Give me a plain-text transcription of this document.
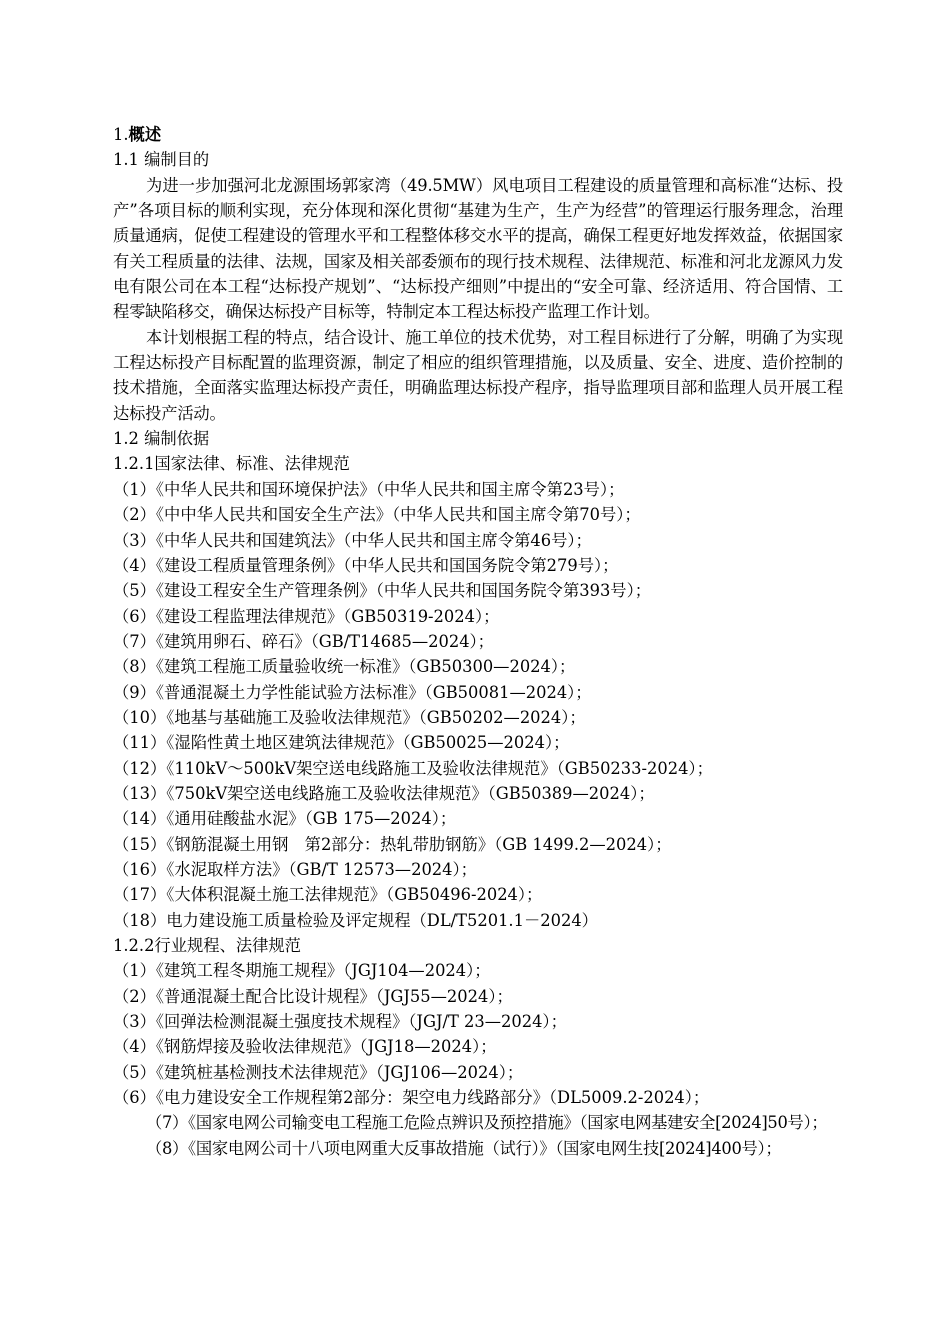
1.概述

1.1 编制目的

为进一步加强河北龙源围场郭家湾（49.5MW）风电项目工程建设的质量管理和高标准“达标、投产”各项目标的顺利实现，充分体现和深化贯彻“基建为生产，生产为经营”的管理运行服务理念，治理质量通病，促使工程建设的管理水平和工程整体移交水平的提高，确保工程更好地发挥效益，依据国家有关工程质量的法律、法规，国家及相关部委颁布的现行技术规程、法律规范、标准和河北龙源风力发电有限公司在本工程“达标投产规划”、“达标投产细则”中提出的“安全可靠、经济适用、符合国情、工程零缺陷移交，确保达标投产目标等，特制定本工程达标投产监理工作计划。

本计划根据工程的特点，结合设计、施工单位的技术优势，对工程目标进行了分解，明确了为实现工程达标投产目标配置的监理资源，制定了相应的组织管理措施，以及质量、安全、进度、造价控制的技术措施，全面落实监理达标投产责任，明确监理达标投产程序，指导监理项目部和监理人员开展工程达标投产活动。

1.2 编制依据

1.2.1国家法律、标准、法律规范

（1）《中华人民共和国环境保护法》（中华人民共和国主席令第23号）；

（2）《中中华人民共和国安全生产法》（中华人民共和国主席令第70号）；

（3）《中华人民共和国建筑法》（中华人民共和国主席令第46号）；

（4）《建设工程质量管理条例》（中华人民共和国国务院令第279号）；

（5）《建设工程安全生产管理条例》（中华人民共和国国务院令第393号）；

（6）《建设工程监理法律规范》（GB50319-2024）；

（7）《建筑用卵石、碎石》（GB/T14685—2024）；

（8）《建筑工程施工质量验收统一标准》（GB50300—2024）；

（9）《普通混凝土力学性能试验方法标准》（GB50081—2024）；

（10）《地基与基础施工及验收法律规范》（GB50202—2024）；

（11）《湿陷性黄土地区建筑法律规范》（GB50025—2024）；

（12）《110kV～500kV架空送电线路施工及验收法律规范》（GB50233-2024）；

（13）《750kV架空送电线路施工及验收法律规范》（GB50389—2024）；

（14）《通用硅酸盐水泥》（GB 175—2024）；

（15）《钢筋混凝土用钢　第2部分：热轧带肋钢筋》（GB 1499.2—2024）；

（16）《水泥取样方法》（GB/T 12573—2024）；

（17）《大体积混凝土施工法律规范》（GB50496-2024）；

（18）电力建设施工质量检验及评定规程（DL/T5201.1－2024）

1.2.2行业规程、法律规范

（1）《建筑工程冬期施工规程》（JGJ104—2024）；

（2）《普通混凝土配合比设计规程》（JGJ55—2024）；

（3）《回弹法检测混凝土强度技术规程》（JGJ/T 23—2024）；

（4）《钢筋焊接及验收法律规范》（JGJ18—2024）；

（5）《建筑桩基检测技术法律规范》（JGJ106—2024）；

（6）《电力建设安全工作规程第2部分：架空电力线路部分》（DL5009.2-2024）；

（7）《国家电网公司输变电工程施工危险点辨识及预控措施》（国家电网基建安全[2024]50号）；

（8）《国家电网公司十八项电网重大反事故措施（试行）》（国家电网生技[2024]400号）；
